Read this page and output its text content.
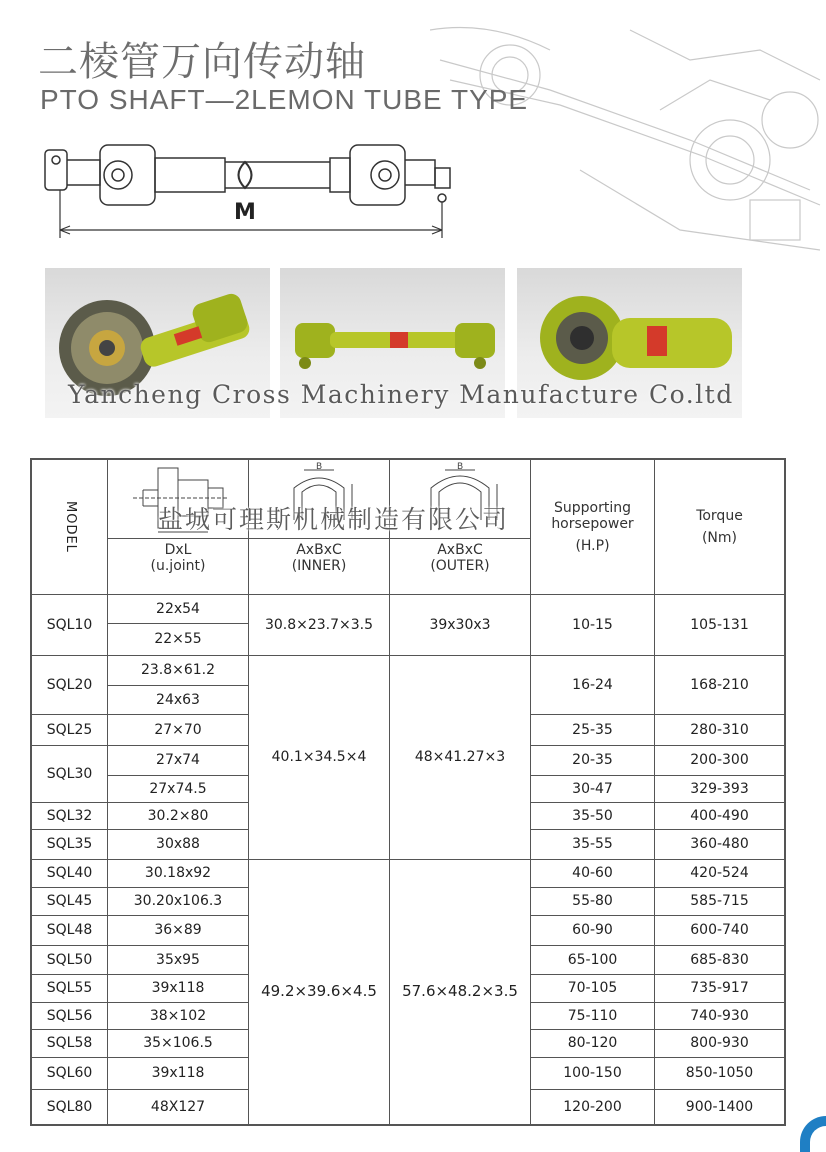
二棱管万向传动轴
PTO SHAFT—2LEMON TUBE TYPE
M
Yancheng Cross Machinery Manufacture Co.ltd
MODEL	DxL
(u.joint)
B
AxBxC
(INNER)
B
AxBxC
(OUTER)
Supporting
horsepower
(H.P)
Torque
(Nm)
SQL10
SQL20
SQL25
SQL30
SQL32
SQL35
SQL40
SQL45
SQL48
SQL50
SQL55
SQL56
SQL58
SQL60
SQL80
22x54
22×55
23.8×61.2
24x63
27×70
27x74
27x74.5
30.2×80
30x88
30.18x92
30.20x106.3
36×89
35x95
39x118
38×102
35×106.5
39x118
48X127
30.8×23.7×3.5
40.1×34.5×4
49.2×39.6×4.5
39x30x3
48×41.27×3
57.6×48.2×3.5
10-15
16-24
25-35
20-35
30-47
35-50
35-55
40-60
55-80
60-90
65-100
70-105
75-110
80-120
100-150
120-200
105-131
168-210
280-310
200-300
329-393
400-490
360-480
420-524
585-715
600-740
685-830
735-917
740-930
800-930
850-1050
900-1400
盐城可理斯机械制造有限公司
